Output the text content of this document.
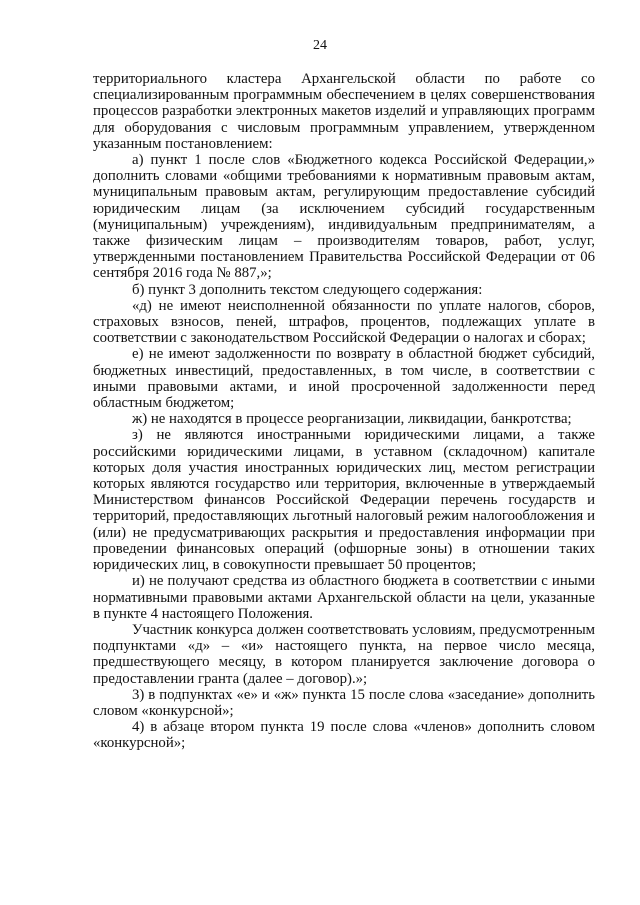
24

территориального кластера Архангельской области по работе со специализированным программным обеспечением в целях совершенствования процессов разработки электронных макетов изделий и управляющих программ для оборудования с числовым программным управлением, утвержденном указанным постановлением:

а) пункт 1 после слов «Бюджетного кодекса Российской Федерации,» дополнить словами «общими требованиями к нормативным правовым актам, муниципальным правовым актам, регулирующим предоставление субсидий юридическим лицам (за исключением субсидий государственным (муниципальным) учреждениям), индивидуальным предпринимателям, а также физическим лицам – производителям товаров, работ, услуг, утвержденными постановлением Правительства Российской Федерации от 06 сентября 2016 года № 887,»;

б) пункт 3 дополнить текстом следующего содержания:

«д) не имеют неисполненной обязанности по уплате налогов, сборов, страховых взносов, пеней, штрафов, процентов, подлежащих уплате в соответствии с законодательством Российской Федерации о налогах и сборах;

е) не имеют задолженности по возврату в областной бюджет субсидий, бюджетных инвестиций, предоставленных, в том числе, в соответствии с иными правовыми актами, и иной просроченной задолженности перед областным бюджетом;

ж) не находятся в процессе реорганизации, ликвидации, банкротства;

з) не являются иностранными юридическими лицами, а также российскими юридическими лицами, в уставном (складочном) капитале которых доля участия иностранных юридических лиц, местом регистрации которых являются государство или территория, включенные в утверждаемый Министерством финансов Российской Федерации перечень государств и территорий, предоставляющих льготный налоговый режим налогообложения и (или) не предусматривающих раскрытия и предоставления информации при проведении финансовых операций (офшорные зоны) в отношении таких юридических лиц, в совокупности превышает 50 процентов;

и) не получают средства из областного бюджета в соответствии с иными нормативными правовыми актами Архангельской области на цели, указанные в пункте 4 настоящего Положения.

Участник конкурса должен соответствовать условиям, предусмотренным подпунктами «д» – «и» настоящего пункта, на первое число месяца, предшествующего месяцу, в котором планируется заключение договора о предоставлении гранта (далее – договор).»;

3) в подпунктах «е» и «ж» пункта 15 после слова «заседание» дополнить словом «конкурсной»;

4) в абзаце втором пункта 19 после слова «членов» дополнить словом «конкурсной»;
